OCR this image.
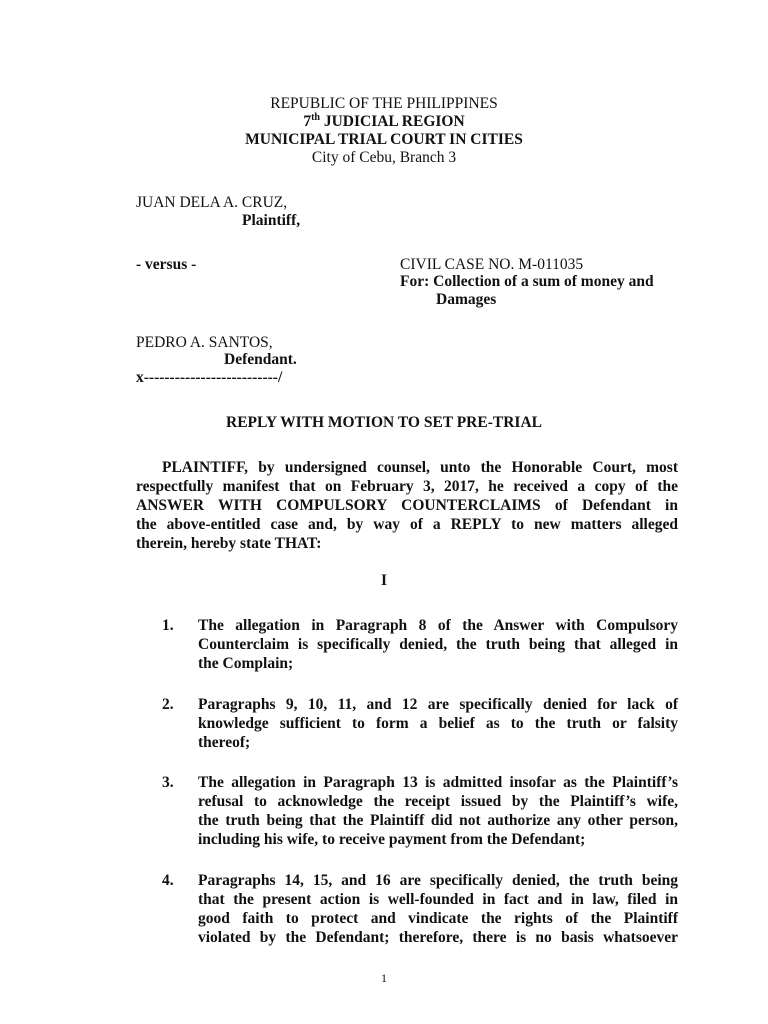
REPUBLIC OF THE PHILIPPINES
7th JUDICIAL REGION
MUNICIPAL TRIAL COURT IN CITIES
City of Cebu, Branch 3
JUAN DELA A. CRUZ,
Plaintiff,
- versus -	CIVIL CASE NO. M-011035
For: Collection of a sum of money and
Damages
PEDRO A. SANTOS,
Defendant.
x--------------------------/
REPLY WITH MOTION TO SET PRE-TRIAL
PLAINTIFF, by undersigned counsel, unto the Honorable Court, most
respectfully manifest that on February 3, 2017, he received a copy of the
ANSWER WITH COMPULSORY COUNTERCLAIMS of Defendant in
the above-entitled case and, by way of a REPLY to new matters alleged
therein, hereby state THAT:
I
1. The allegation in Paragraph 8 of the Answer with Compulsory
Counterclaim is specifically denied, the truth being that alleged in
the Complain;
2. Paragraphs 9, 10, 11, and 12 are specifically denied for lack of
knowledge sufficient to form a belief as to the truth or falsity
thereof;
3. The allegation in Paragraph 13 is admitted insofar as the Plaintiff’s
refusal to acknowledge the receipt issued by the Plaintiff’s wife,
the truth being that the Plaintiff did not authorize any other person,
including his wife, to receive payment from the Defendant;
4. Paragraphs 14, 15, and 16 are specifically denied, the truth being
that the present action is well-founded in fact and in law, filed in
good faith to protect and vindicate the rights of the Plaintiff
violated by the Defendant; therefore, there is no basis whatsoever
1
